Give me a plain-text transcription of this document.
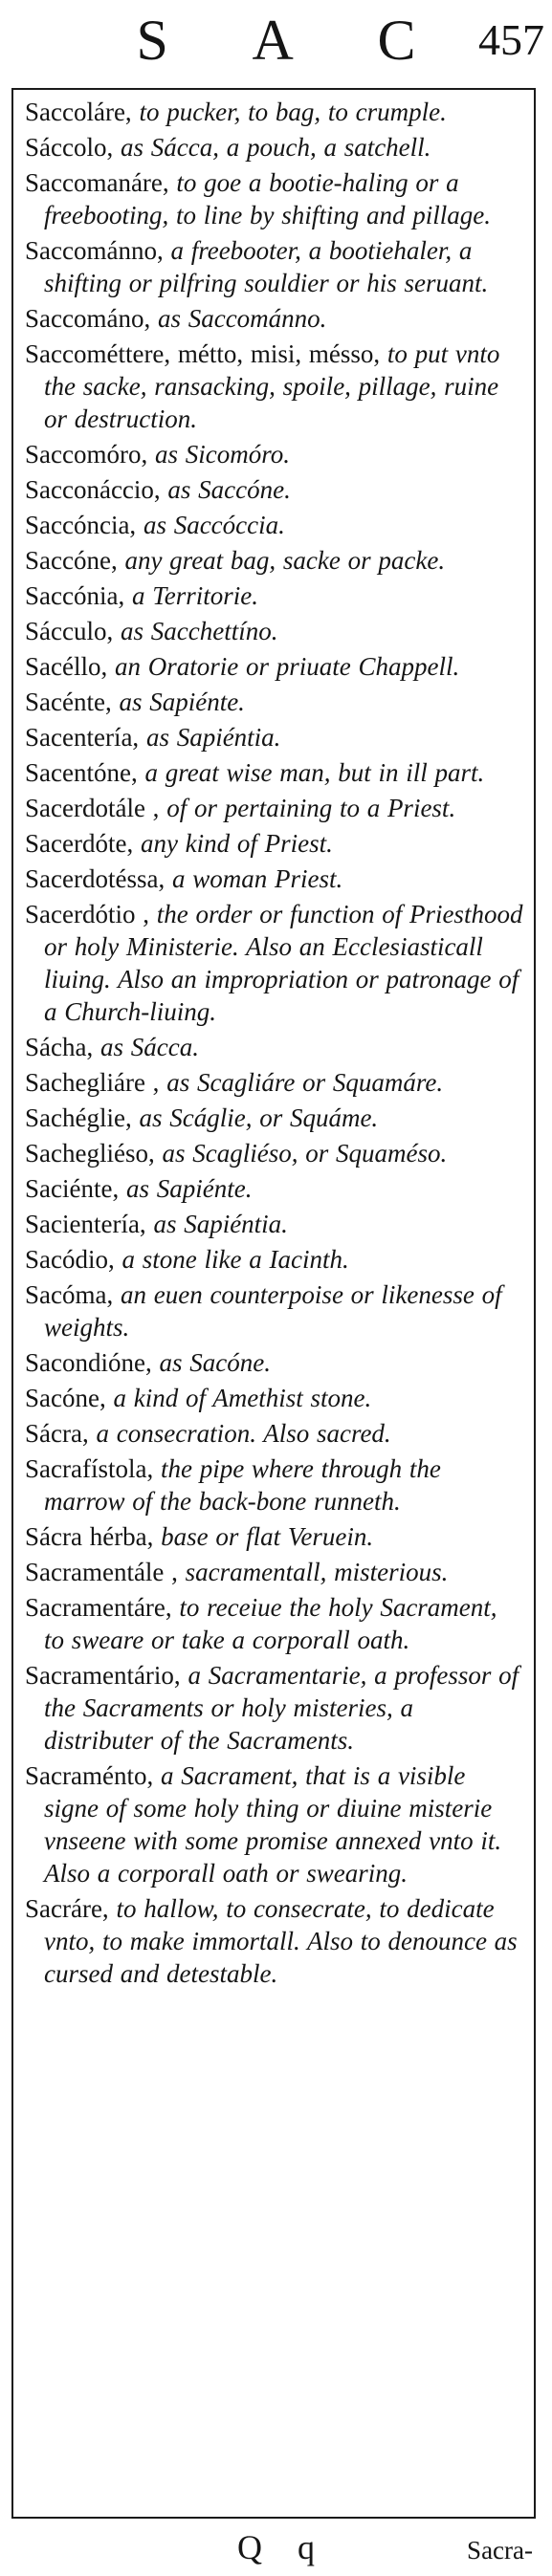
S A C 457

Saccoláre, to pucker, to bag, to crumple.

Sáccolo, as Sácca, a pouch, a satchell.

Saccomanáre, to goe a bootie-haling or a freebooting, to line by shifting and pillage.

Saccománno, a freebooter, a bootiehaler, a shifting or pilfring souldier or his seruant.

Saccománo, as Saccománno.

Saccométtere, métto, misi, mésso, to put vnto the sacke, ransacking, spoile, pillage, ruine or destruction.

Saccomóro, as Sicomóro.

Sacconáccio, as Saccóne.

Saccóncia, as Saccóccia.

Saccóne, any great bag, sacke or packe.

Saccónia, a Territorie.

Sácculo, as Sacchettíno.

Sacéllo, an Oratorie or priuate Chappell.

Sacénte, as Sapiénte.

Sacentería, as Sapiéntia.

Sacentóne, a great wise man, but in ill part.

Sacerdotále , of or pertaining to a Priest.

Sacerdóte, any kind of Priest.

Sacerdotéssa, a woman Priest.

Sacerdótio , the order or function of Priesthood or holy Ministerie. Also an Ecclesiasticall liuing. Also an impropriation or patronage of a Church-liuing.

Sácha, as Sácca.

Sachegliáre , as Scagliáre or Squamáre.

Sachéglie, as Scáglie, or Squáme.

Sachegliéso, as Scagliéso, or Squaméso.

Saciénte, as Sapiénte.

Sacientería, as Sapiéntia.

Sacódio, a stone like a Iacinth.

Sacóma, an euen counterpoise or likenesse of weights.

Sacondióne, as Sacóne.

Sacóne, a kind of Amethist stone.

Sácra, a consecration. Also sacred.

Sacrafístola, the pipe where through the marrow of the back-bone runneth.

Sácra hérba, base or flat Veruein.

Sacramentále , sacramentall, misterious.

Sacramentáre, to receiue the holy Sacrament, to sweare or take a corporall oath.

Sacramentário, a Sacramentarie, a professor of the Sacraments or holy misteries, a distributer of the Sacraments.

Sacraménto, a Sacrament, that is a visible signe of some holy thing or diuine misterie vnseene with some promise annexed vnto it. Also a corporall oath or swearing.

Sacráre, to hallow, to consecrate, to dedicate vnto, to make immortall. Also to denounce as cursed and detestable.

Q q	Sacra-
